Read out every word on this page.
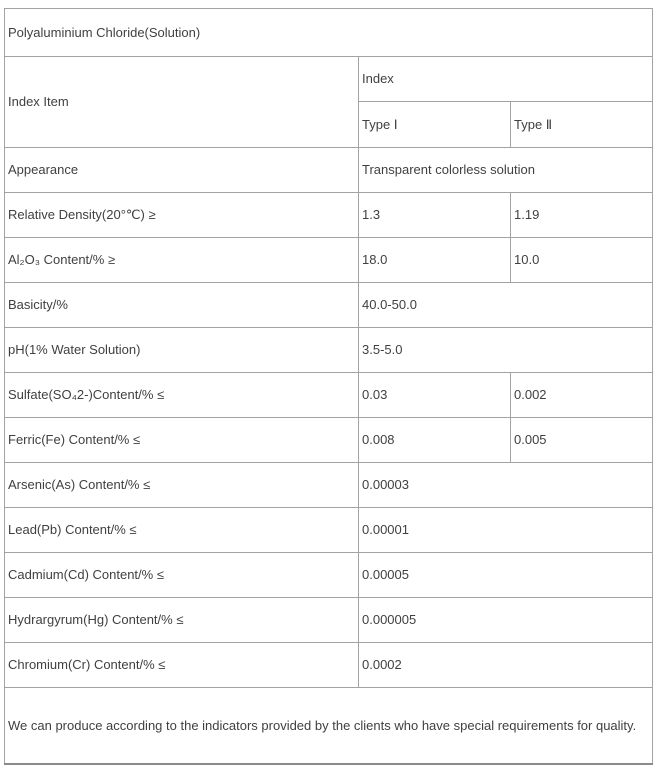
Polyaluminium Chloride(Solution)		
Index Item	Index	
	Type Ⅰ	Type Ⅱ
Appearance	Transparent colorless solution	
Relative Density(20°℃) ≥	1.3	1.19
Al₂O₃ Content/% ≥	18.0	10.0
Basicity/%	40.0-50.0	
pH(1% Water Solution)	3.5-5.0	
Sulfate(SO₄2-)Content/% ≤	0.03	0.002
Ferric(Fe) Content/% ≤	0.008	0.005
Arsenic(As) Content/% ≤	0.00003	
Lead(Pb) Content/% ≤	0.00001	
Cadmium(Cd) Content/% ≤	0.00005	
Hydrargyrum(Hg) Content/% ≤	0.000005	
Chromium(Cr) Content/% ≤	0.0002	
We can produce according to the indicators provided by the clients who have special requirements for quality.		
